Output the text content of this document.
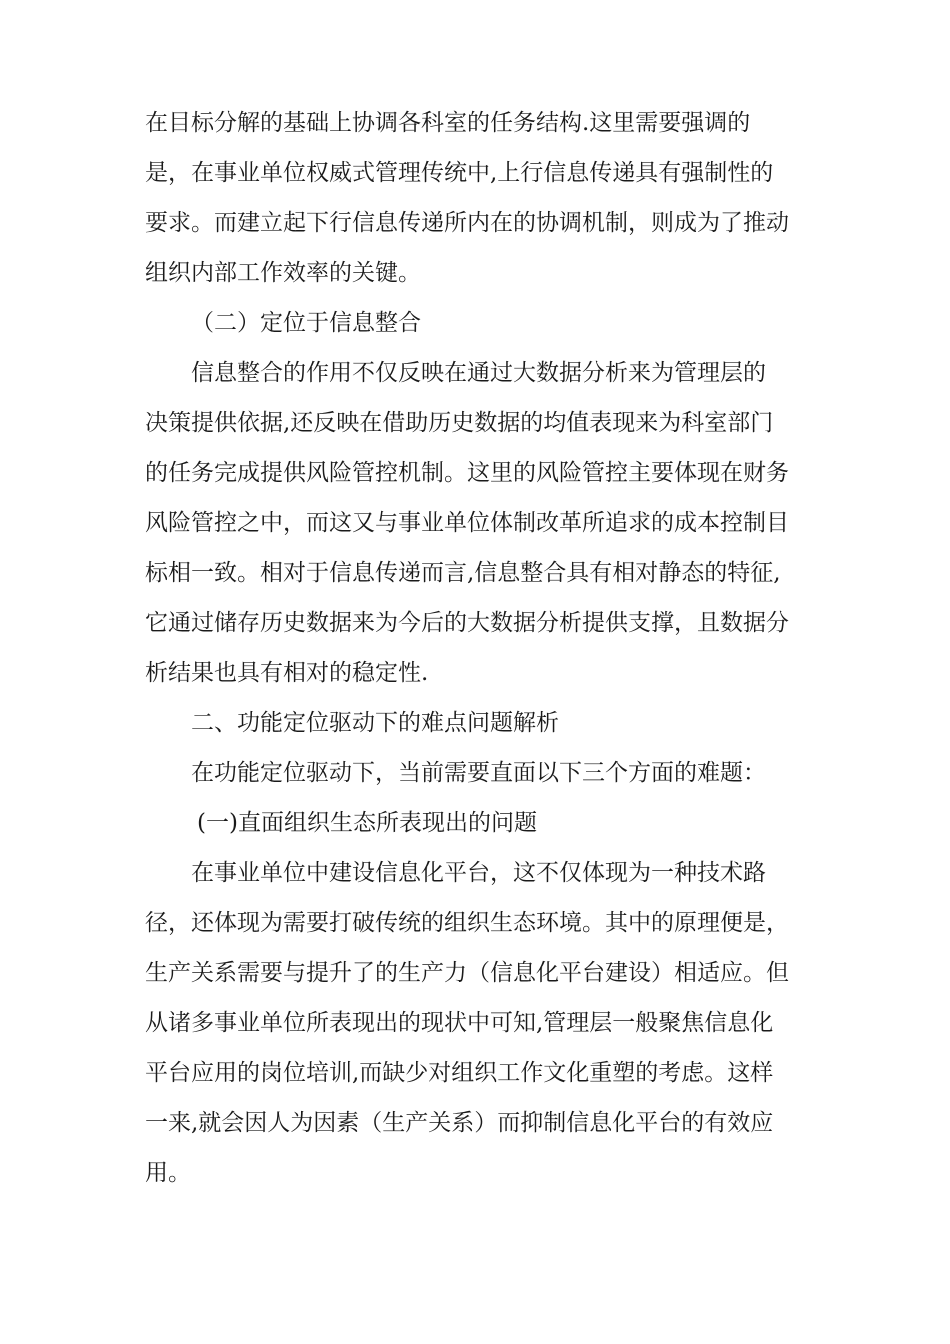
在目标分解的基础上协调各科室的任务结构.这里需要强调的
是，在事业单位权威式管理传统中,上行信息传递具有强制性的
要求。而建立起下行信息传递所内在的协调机制，则成为了推动
组织内部工作效率的关键。
（二）定位于信息整合
信息整合的作用不仅反映在通过大数据分析来为管理层的
决策提供依据,还反映在借助历史数据的均值表现来为科室部门
的任务完成提供风险管控机制。这里的风险管控主要体现在财务
风险管控之中，而这又与事业单位体制改革所追求的成本控制目
标相一致。相对于信息传递而言,信息整合具有相对静态的特征,
它通过储存历史数据来为今后的大数据分析提供支撑，且数据分
析结果也具有相对的稳定性.
二、功能定位驱动下的难点问题解析
在功能定位驱动下，当前需要直面以下三个方面的难题：
(一)直面组织生态所表现出的问题
在事业单位中建设信息化平台，这不仅体现为一种技术路
径，还体现为需要打破传统的组织生态环境。其中的原理便是，
生产关系需要与提升了的生产力（信息化平台建设）相适应。但
从诸多事业单位所表现出的现状中可知,管理层一般聚焦信息化
平台应用的岗位培训,而缺少对组织工作文化重塑的考虑。这样
一来,就会因人为因素（生产关系）而抑制信息化平台的有效应
用。
